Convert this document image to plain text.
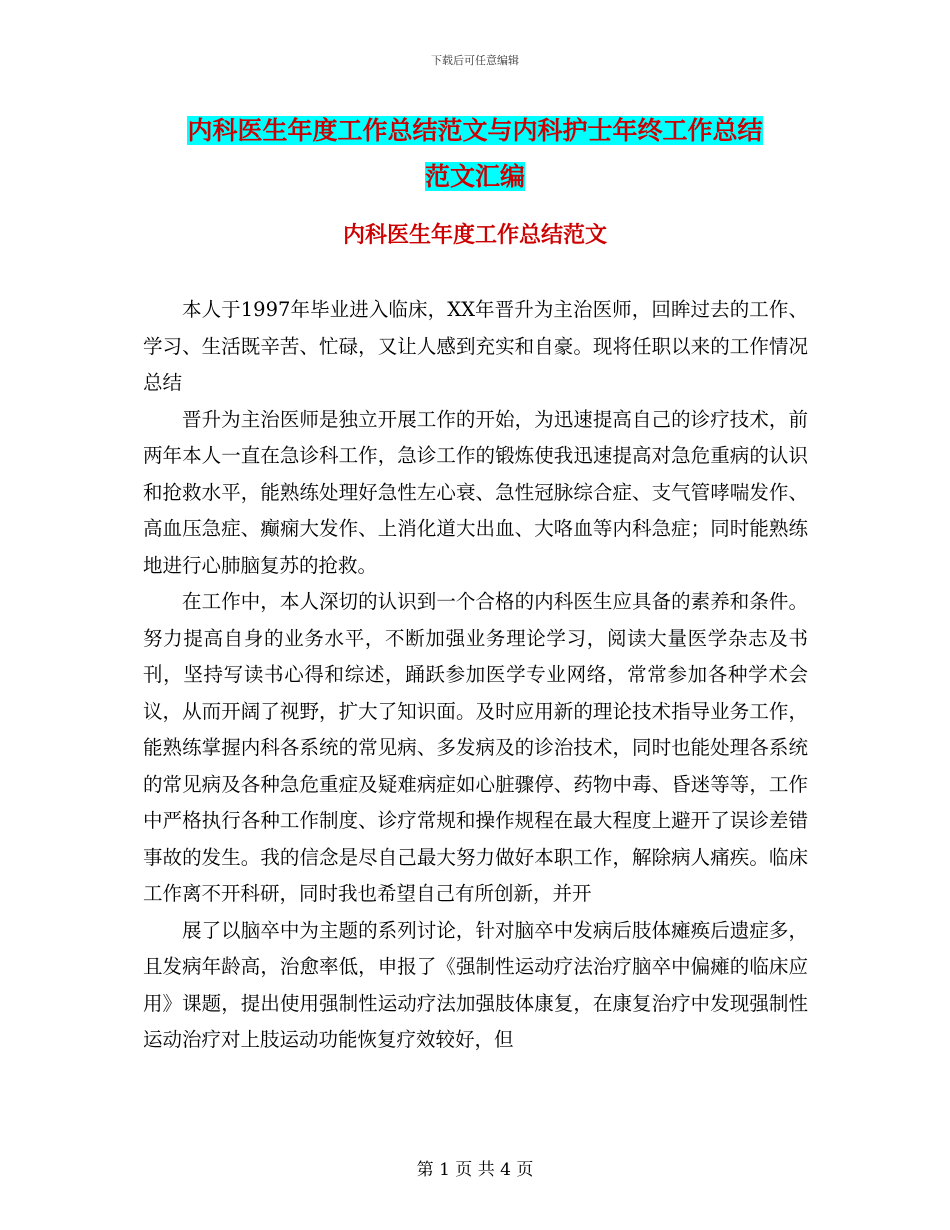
下载后可任意编辑
内科医生年度工作总结范文与内科护士年终工作总结
范文汇编
内科医生年度工作总结范文

本人于1997年毕业进入临床，XX年晋升为主治医师，回眸过去的工作、学习、生活既辛苦、忙碌，又让人感到充实和自豪。现将任职以来的工作情况总结

晋升为主治医师是独立开展工作的开始，为迅速提高自己的诊疗技术，前两年本人一直在急诊科工作，急诊工作的锻炼使我迅速提高对急危重病的认识和抢救水平，能熟练处理好急性左心衰、急性冠脉综合症、支气管哮喘发作、高血压急症、癫痫大发作、上消化道大出血、大咯血等内科急症；同时能熟练地进行心肺脑复苏的抢救。

在工作中，本人深切的认识到一个合格的内科医生应具备的素养和条件。努力提高自身的业务水平，不断加强业务理论学习，阅读大量医学杂志及书刊，坚持写读书心得和综述，踊跃参加医学专业网络，常常参加各种学术会议，从而开阔了视野，扩大了知识面。及时应用新的理论技术指导业务工作，能熟练掌握内科各系统的常见病、多发病及的诊治技术，同时也能处理各系统的常见病及各种急危重症及疑难病症如心脏骤停、药物中毒、昏迷等等，工作中严格执行各种工作制度、诊疗常规和操作规程在最大程度上避开了误诊差错事故的发生。我的信念是尽自己最大努力做好本职工作，解除病人痛疾。临床工作离不开科研，同时我也希望自己有所创新，并开

展了以脑卒中为主题的系列讨论，针对脑卒中发病后肢体瘫痪后遗症多，且发病年龄高，治愈率低，申报了《强制性运动疗法治疗脑卒中偏瘫的临床应用》课题，提出使用强制性运动疗法加强肢体康复，在康复治疗中发现强制性运动治疗对上肢运动功能恢复疗效较好，但

第 1 页 共 4 页
